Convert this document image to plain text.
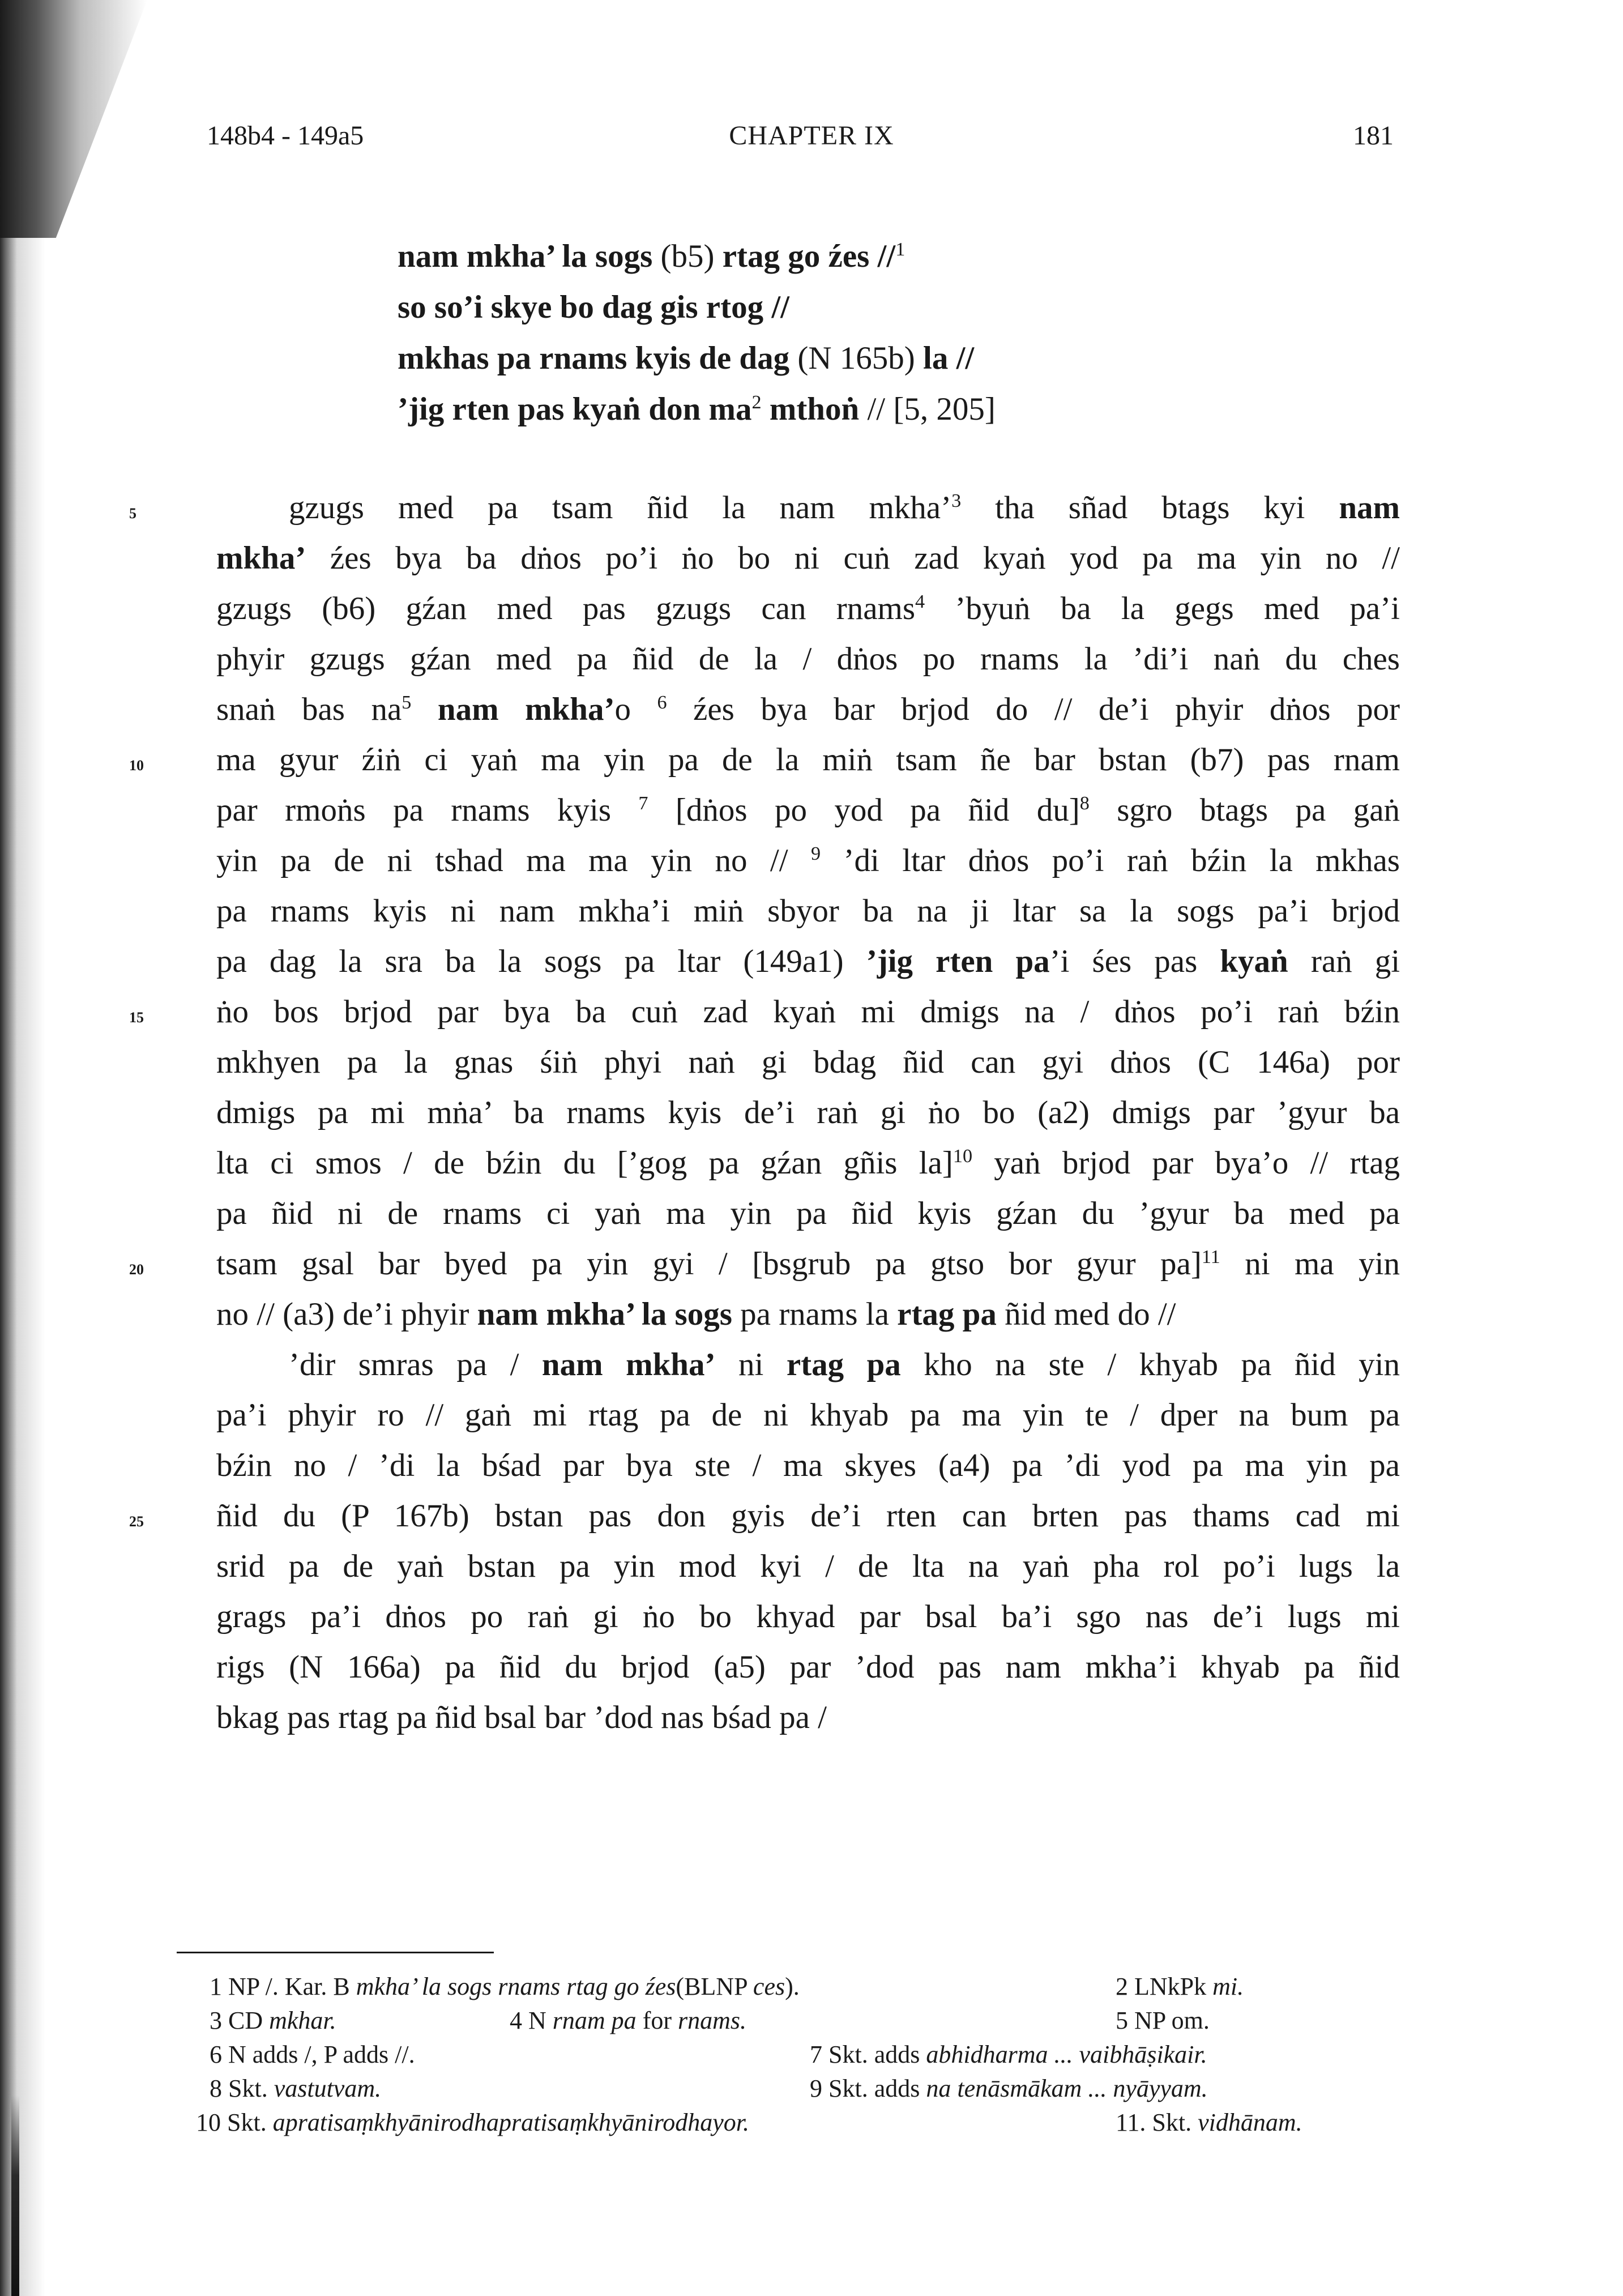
148b4 - 149a5	CHAPTER IX	181
nam mkha’ la sogs (b5) rtag go źes //$^1$
so so’i skye bo dag gis rtog //
mkhas pa rnams kyis de dag (N 165b) la //
’jig rten pas kyaṅ don $ma^2$ mthoṅ // [5, 205]
5
10
15
20
25
gzugs med pa tsam ñid la nam mkha’$^3$ tha sñad btags kyi nam
mkha’ źes bya ba dṅos po’i ṅo bo ni cuṅ zad kyaṅ yod pa ma yin no //
gzugs (b6) gźan med pas gzugs can rnams$^4$ ’byuṅ ba la gegs med pa’i
phyir gzugs gźan med pa ñid de la / dṅos po rnams la ’di’i naṅ du ches
snaṅ bas $na^5$ nam mkha’o $^6$ źes bya bar brjod do // de’i phyir dṅos por
ma gyur źiṅ ci yaṅ ma yin pa de la miṅ tsam ñe bar bstan (b7) pas rnam
par rmoṅs pa rnams kyis $^7$ [dṅos po yod pa ñid du]$^8$ sgro btags pa gaṅ
yin pa de ni tshad ma ma yin no // $^9$ ’di ltar dṅos po’i raṅ bźin la mkhas
pa rnams kyis ni nam mkha’i miṅ sbyor ba na ji ltar sa la sogs pa’i brjod
pa dag la sra ba la sogs pa ltar (149a1) ’jig rten pa’i śes pas kyaṅ raṅ gi
ṅo bos brjod par bya ba cuṅ zad kyaṅ mi dmigs na / dṅos po’i raṅ bźin
mkhyen pa la gnas śiṅ phyi naṅ gi bdag ñid can gyi dṅos (C 146a) por
dmigs pa mi mṅa’ ba rnams kyis de’i raṅ gi ṅo bo (a2) dmigs par ’gyur ba
lta ci smos / de bźin du [’gog pa gźan gñis la]$^{10}$ yaṅ brjod par bya’o // rtag
pa ñid ni de rnams ci yaṅ ma yin pa ñid kyis gźan du ’gyur ba med pa
tsam gsal bar byed pa yin gyi / [bsgrub pa gtso bor gyur pa]$^{11}$ ni ma yin
no // (a3) de’i phyir nam mkha’ la sogs pa rnams la rtag pa ñid med do //
’dir smras pa / nam mkha’ ni rtag pa kho na ste / khyab pa ñid yin
pa’i phyir ro // gaṅ mi rtag pa de ni khyab pa ma yin te / dper na bum pa
bźin no / ’di la bśad par bya ste / ma skyes (a4) pa ’di yod pa ma yin pa
ñid du (P 167b) bstan pas don gyis de’i rten can brten pas thams cad mi
srid pa de yaṅ bstan pa yin mod kyi / de lta na yaṅ pha rol po’i lugs la
grags pa’i dṅos po raṅ gi ṅo bo khyad par bsal ba’i sgo nas de’i lugs mi
rigs (N 166a) pa ñid du brjod (a5) par ’dod pas nam mkha’i khyab pa ñid
bkag pas rtag pa ñid bsal bar ’dod nas bśad pa /
1 NP /. Kar. B mkha’ la sogs rnams rtag go źes(BLNP ces).	2 LNkPk mi.
3 CD mkhar.	4 N rnam pa for rnams.	5 NP om.
6 N adds /, P adds //.	7 Skt. adds abhidharma ... vaibhāṣikair.
8 Skt. vastutvam.	9 Skt. adds na tenāsmākam ... nyāyyam.
10 Skt. apratisaṃkhyānirodhapratisaṃkhyānirodhayor.	11. Skt. vidhānam.
